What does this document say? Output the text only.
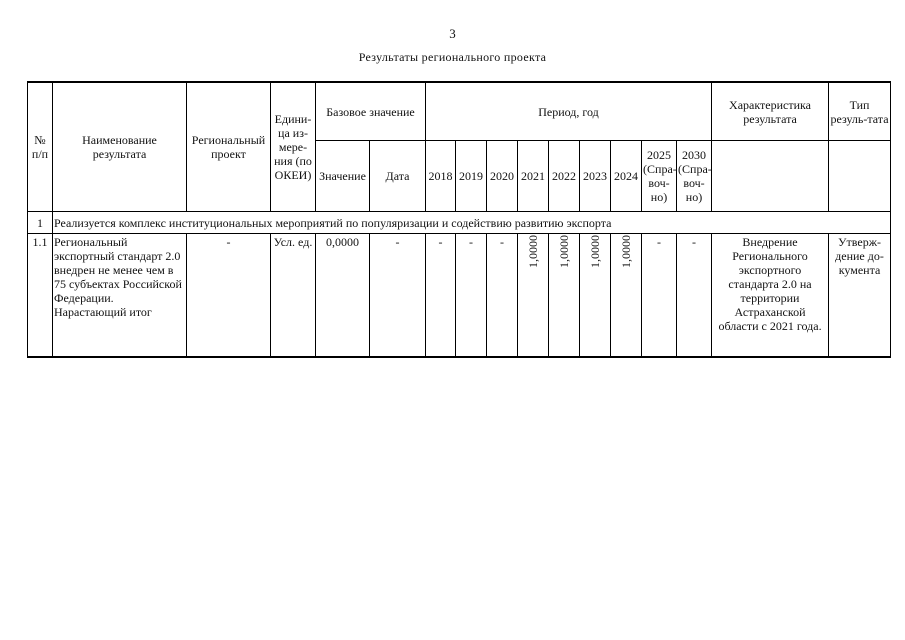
3
Результаты регионального проекта
№ п/п	Наименование результата	Региональный проект	Едини-ца из-мере-ния (по ОКЕИ)	Базовое значение		Период, год									Характеристика результата	Тип резуль-тата
				Значение	Дата	2018	2019	2020	2021	2022	2023	2024	2025 (Спра-воч-но)	2030 (Спра-воч-но)		
1	Реализуется комплекс институциональных мероприятий по популяризации и содействию развитию экспорта															
1.1	Региональный экспортный стандарт 2.0 внедрен не менее чем в 75 субъектах Российской Федерации. Нарастающий итог	-	Усл. ед.	0,0000	-	-	-	-	1,0000	1,0000	1,0000	1,0000	-	-	Внедрение Регионального экспортного стандарта 2.0 на территории Астраханской области с 2021 года.	Утверж-дение до-кумента
